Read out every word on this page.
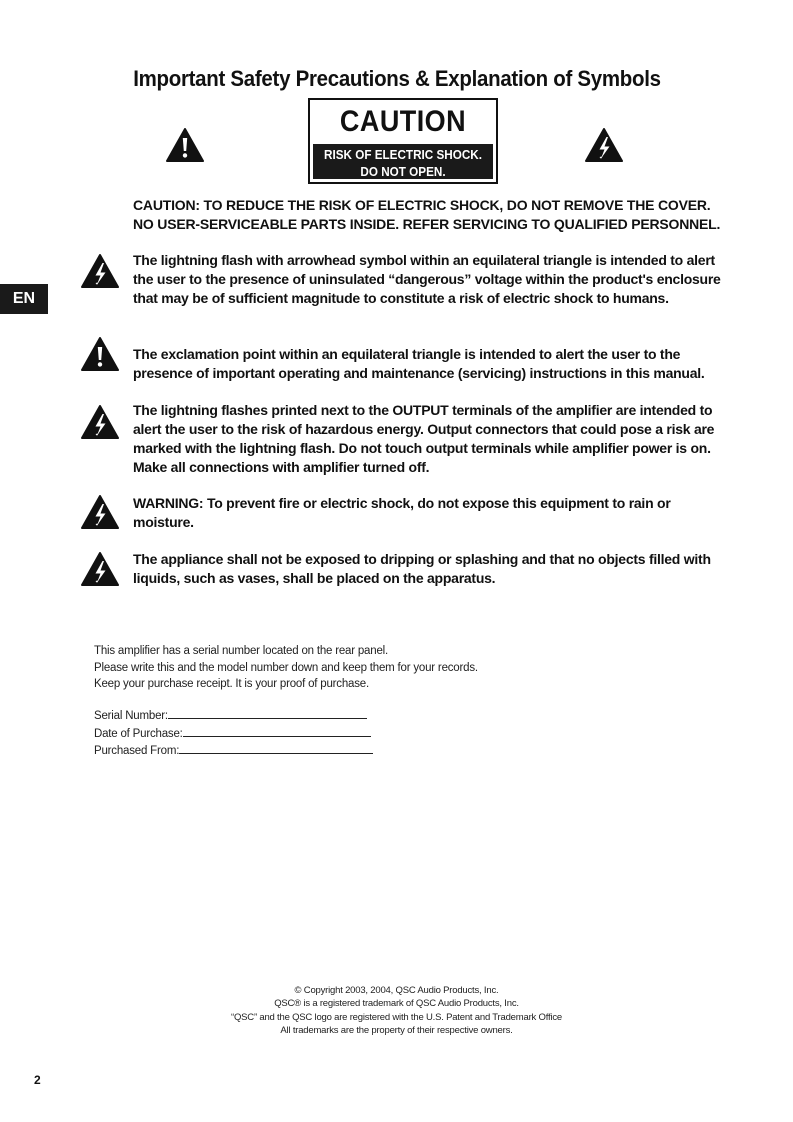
Important Safety Precautions & Explanation of Symbols
CAUTION
RISK OF ELECTRIC SHOCK.
DO NOT OPEN.

CAUTION: TO REDUCE THE RISK OF ELECTRIC SHOCK, DO NOT REMOVE THE COVER. NO USER-SERVICEABLE PARTS INSIDE. REFER SERVICING TO QUALIFIED PERSONNEL.

EN

The lightning flash with arrowhead symbol within an equilateral triangle is intended to alert the user to the presence of uninsulated “dangerous” voltage within the product's enclosure that may be of sufficient magnitude to constitute a risk of electric shock to humans.

The exclamation point within an equilateral triangle is intended to alert the user to the presence of important operating and maintenance (servicing) instructions in this manual.

The lightning flashes printed next to the OUTPUT terminals of the amplifier are intended to alert the user to the risk of hazardous energy. Output connectors that could pose a risk are marked with the lightning flash. Do not touch output terminals while amplifier power is on. Make all connections with amplifier turned off.

WARNING: To prevent fire or electric shock, do not expose this equipment to rain or moisture.

The appliance shall not be exposed to dripping or splashing and that no objects filled with liquids, such as vases, shall be placed on the apparatus.

This amplifier has a serial number located on the rear panel.
Please write this and the model number down and keep them for your records.
Keep your purchase receipt. It is your proof of purchase.
Serial Number:
Date of Purchase:
Purchased From:
© Copyright 2003, 2004, QSC Audio Products, Inc.
QSC® is a registered trademark of QSC Audio Products, Inc.
“QSC” and the QSC logo are registered with the U.S. Patent and Trademark Office
All trademarks are the property of their respective owners.
2
